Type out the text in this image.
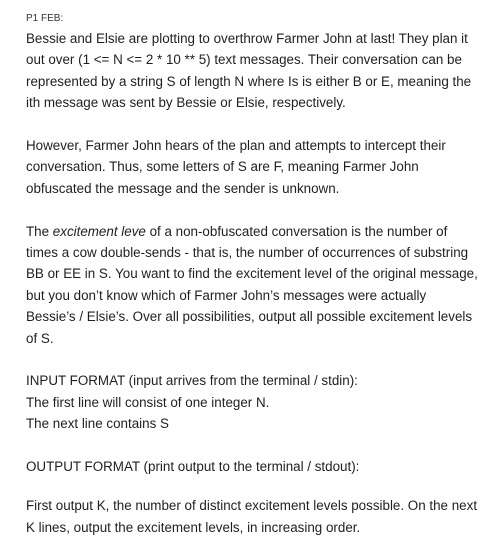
P1 FEB:

Bessie and Elsie are plotting to overthrow Farmer John at last! They plan it out over (1 <= N <= 2 * 10 ** 5) text messages. Their conversation can be represented by a string S of length N where Is is either B or E, meaning the ith message was sent by Bessie or Elsie, respectively.

However, Farmer John hears of the plan and attempts to intercept their conversation. Thus, some letters of S are F, meaning Farmer John obfuscated the message and the sender is unknown.

The excitement leve of a non-obfuscated conversation is the number of times a cow double-sends - that is, the number of occurrences of substring BB or EE in S. You want to find the excitement level of the original message, but you don’t know which of Farmer John’s messages were actually Bessie’s / Elsie’s. Over all possibilities, output all possible excitement levels of S.

INPUT FORMAT (input arrives from the terminal / stdin):

The first line will consist of one integer N.

The next line contains S

OUTPUT FORMAT (print output to the terminal / stdout):

First output K, the number of distinct excitement levels possible. On the next K lines, output the excitement levels, in increasing order.
